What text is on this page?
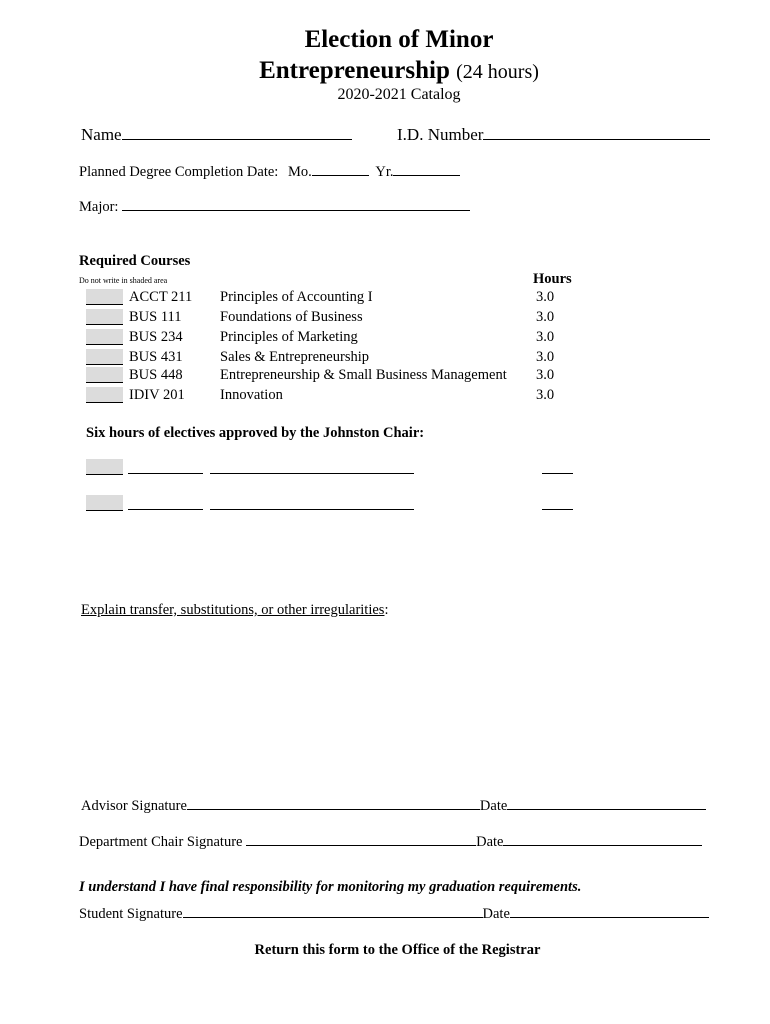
Election of Minor
Entrepreneurship (24 hours)
2020-2021 Catalog
Name	I.D. Number
Planned Degree Completion Date: Mo.	Yr.
Major:
Required Courses
Do not write in shaded area	Hours
ACCT 211 Principles of Accounting I	3.0
BUS 111	Foundations of Business	3.0
BUS 234	Principles of Marketing	3.0
BUS 431	Sales & Entrepreneurship	3.0
BUS 448	Entrepreneurship & Small Business Management 3.0
IDIV 201 Innovation	3.0
Six hours of electives approved by the Johnston Chair:
Explain transfer, substitutions, or other irregularities:
Advisor Signature	Date
Department Chair Signature	Date
I understand I have final responsibility for monitoring my graduation requirements.
Student Signature	Date
Return this form to the Office of the Registrar
